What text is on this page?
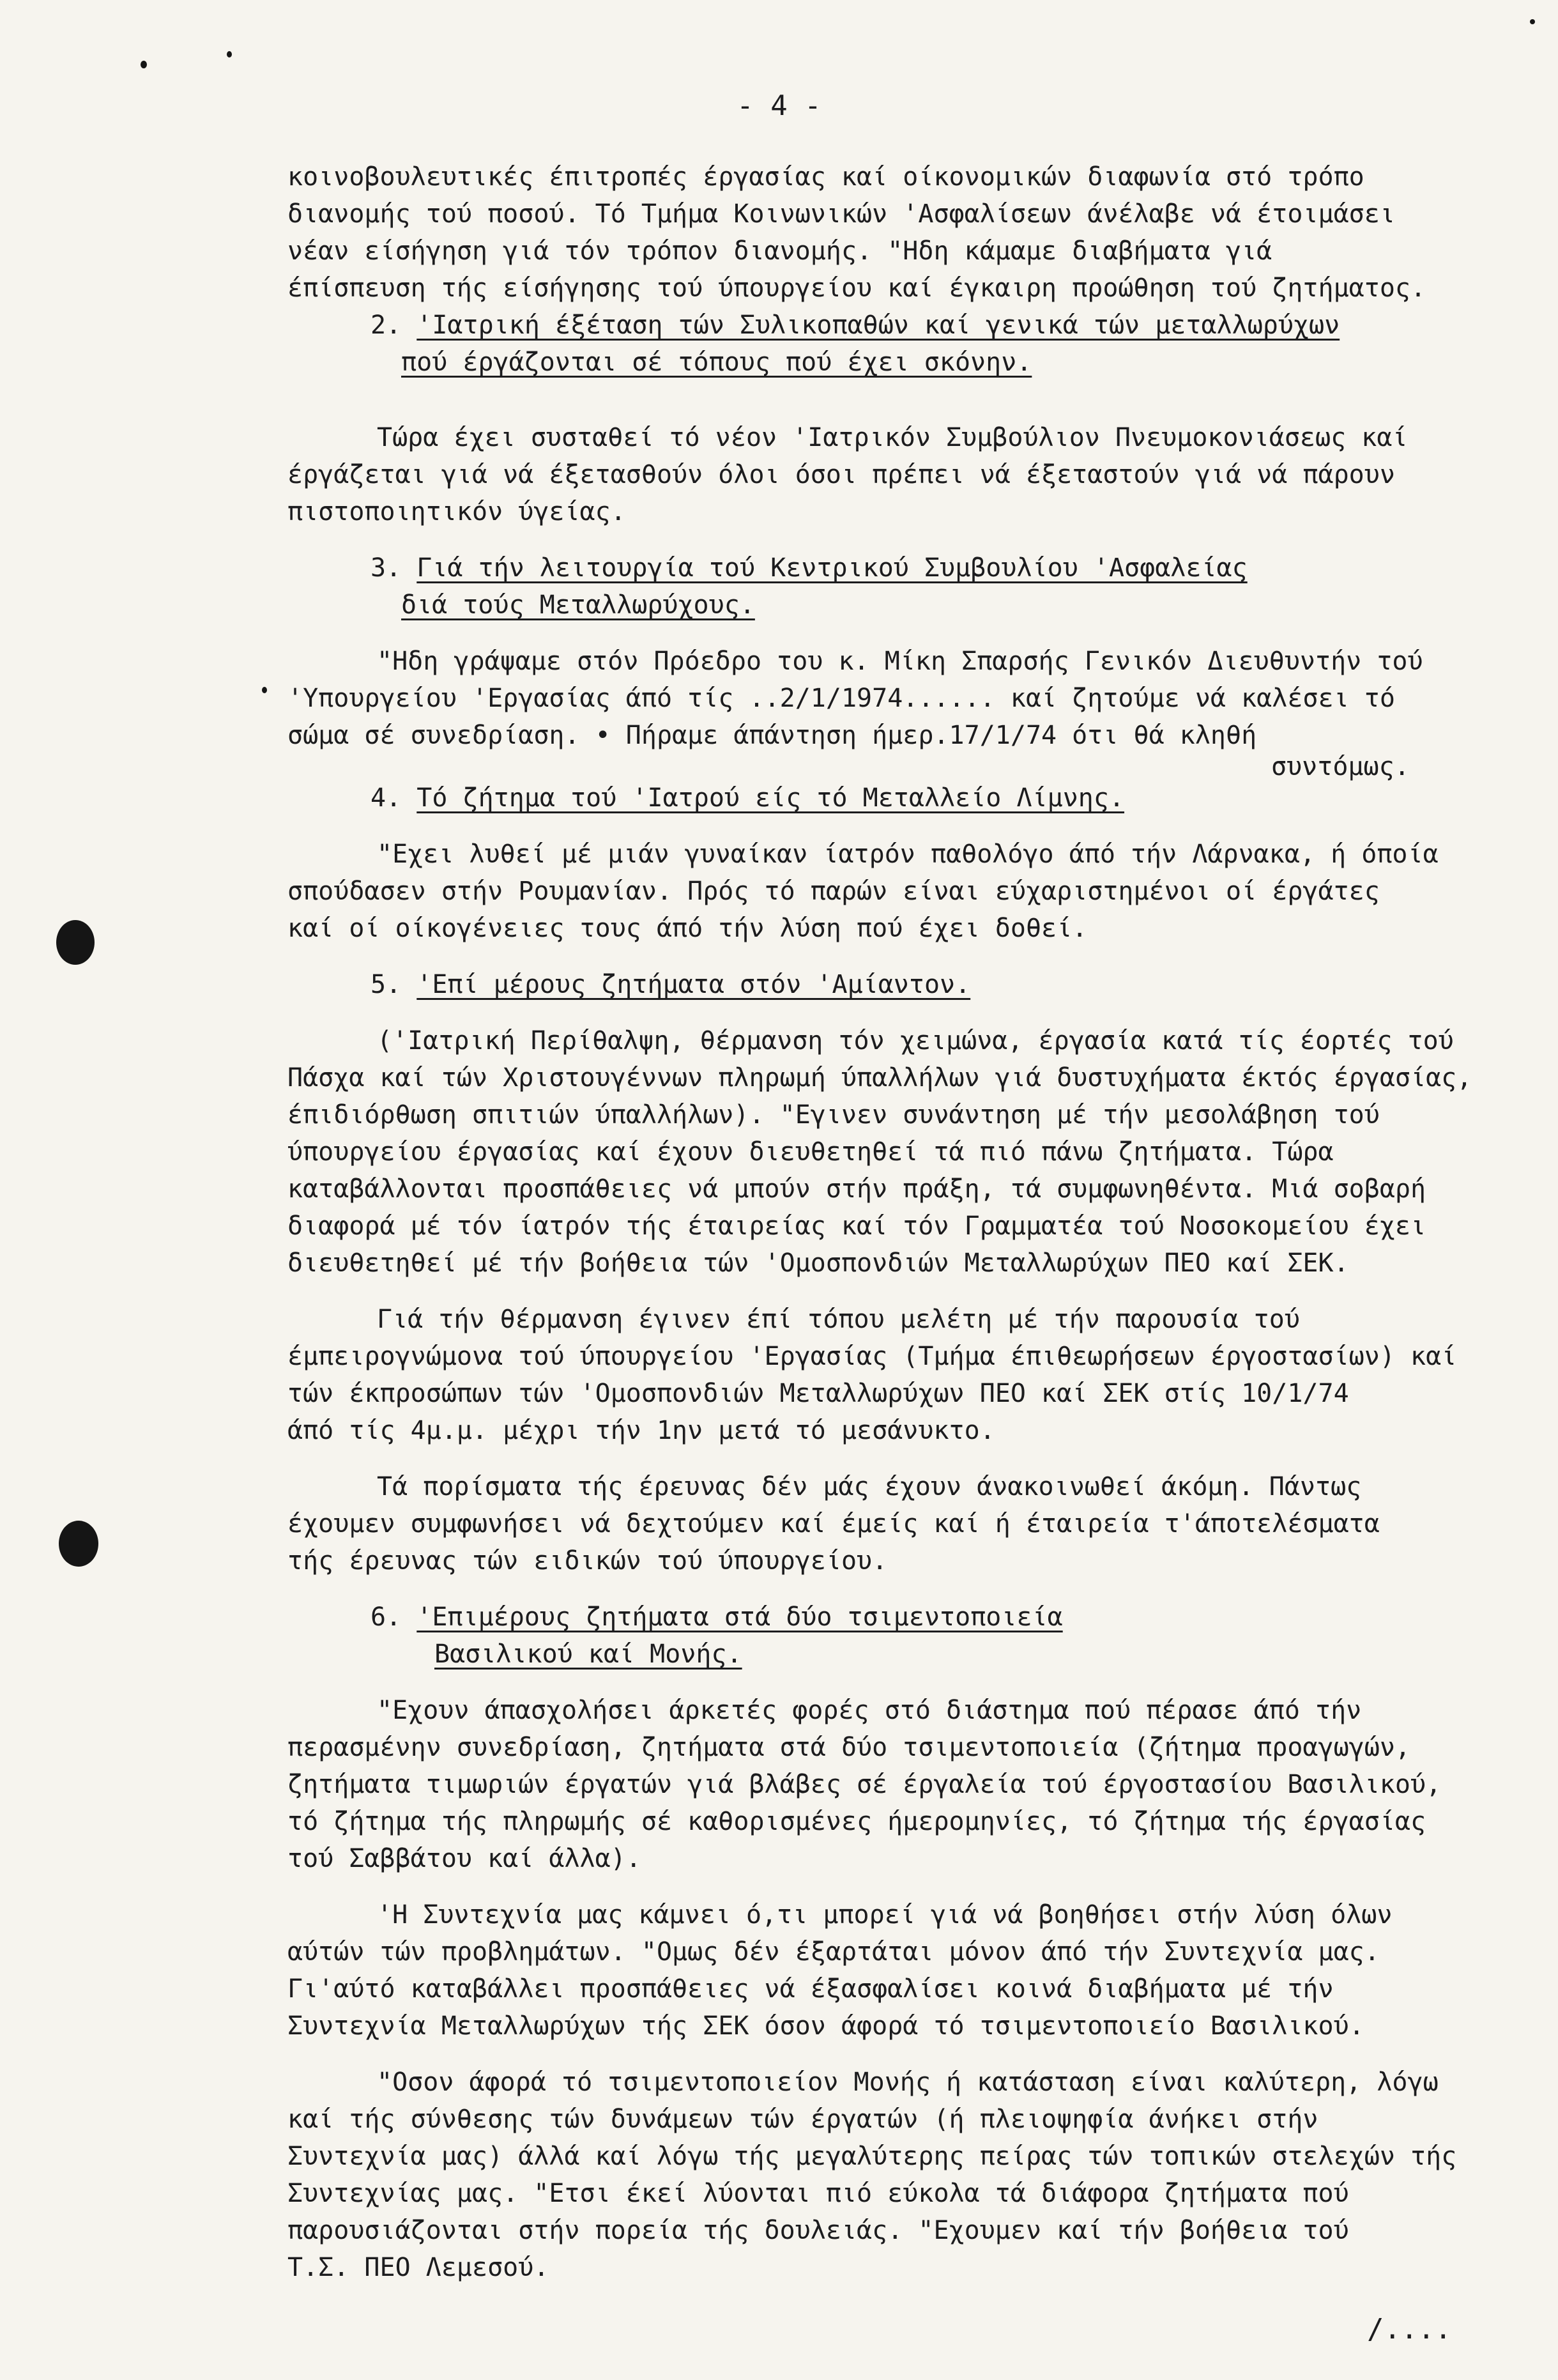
- 4 -
κοινοβουλευτικές έπιτροπές έργασίας καί οίκονομικών διαφωνία στό τρόπο
διανομής τού ποσού. Τό Τμήμα Κοινωνικών 'Ασφαλίσεων άνέλαβε νά έτοιμάσει
νέαν είσήγηση γιά τόν τρόπον διανομής. "Ηδη κάμαμε διαβήματα γιά
έπίσπευση τής είσήγησης τού ύπουργείου καί έγκαιρη προώθηση τού ζητήματος.
2. 'Ιατρική έξέταση τών Συλικοπαθών καί γενικά τών μεταλλωρύχων
πού έργάζονται σέ τόπους πού έχει σκόνην.
Τώρα έχει συσταθεί τό νέον 'Ιατρικόν Συμβούλιον Πνευμοκονιάσεως καί
έργάζεται γιά νά έξετασθούν όλοι όσοι πρέπει νά έξεταστούν γιά νά πάρουν
πιστοποιητικόν ύγείας.
3. Γιά τήν λειτουργία τού Κεντρικού Συμβουλίου 'Ασφαλείας
διά τούς Μεταλλωρύχους.
"Ηδη γράψαμε στόν Πρόεδρο του κ. Μίκη Σπαρσής Γενικόν Διευθυντήν τού
'Υπουργείου 'Εργασίας άπό τίς ..2/1/1974...... καί ζητούμε νά καλέσει τό
σώμα σέ συνεδρίαση. • Πήραμε άπάντηση ήμερ.17/1/74 ότι θά κληθή
συντόμως.
4. Τό ζήτημα τού 'Ιατρού είς τό Μεταλλείο Λίμνης.
"Εχει λυθεί μέ μιάν γυναίκαν ίατρόν παθολόγο άπό τήν Λάρνακα, ή όποία
σπούδασεν στήν Ρουμανίαν. Πρός τό παρών είναι εύχαριστημένοι οί έργάτες
καί οί οίκογένειες τους άπό τήν λύση πού έχει δοθεί.
5. 'Επί μέρους ζητήματα στόν 'Αμίαντον.
('Ιατρική Περίθαλψη, θέρμανση τόν χειμώνα, έργασία κατά τίς έορτές τού
Πάσχα καί τών Χριστουγέννων πληρωμή ύπαλλήλων γιά δυστυχήματα έκτός έργασίας,
έπιδιόρθωση σπιτιών ύπαλλήλων). "Εγινεν συνάντηση μέ τήν μεσολάβηση τού
ύπουργείου έργασίας καί έχουν διευθετηθεί τά πιό πάνω ζητήματα. Τώρα
καταβάλλονται προσπάθειες νά μπούν στήν πράξη, τά συμφωνηθέντα. Μιά σοβαρή
διαφορά μέ τόν ίατρόν τής έταιρείας καί τόν Γραμματέα τού Νοσοκομείου έχει
διευθετηθεί μέ τήν βοήθεια τών 'Ομοσπονδιών Μεταλλωρύχων ΠΕΟ καί ΣΕΚ.
Γιά τήν θέρμανση έγινεν έπί τόπου μελέτη μέ τήν παρουσία τού
έμπειρογνώμονα τού ύπουργείου 'Εργασίας (Τμήμα έπιθεωρήσεων έργοστασίων) καί
τών έκπροσώπων τών 'Ομοσπονδιών Μεταλλωρύχων ΠΕΟ καί ΣΕΚ στίς 10/1/74
άπό τίς 4μ.μ. μέχρι τήν 1ην μετά τό μεσάνυκτο.
Τά πορίσματα τής έρευνας δέν μάς έχουν άνακοινωθεί άκόμη. Πάντως
έχουμεν συμφωνήσει νά δεχτούμεν καί έμείς καί ή έταιρεία τ'άποτελέσματα
τής έρευνας τών ειδικών τού ύπουργείου.
6. 'Επιμέρους ζητήματα στά δύο τσιμεντοποιεία
Βασιλικού καί Μονής.
"Εχουν άπασχολήσει άρκετές φορές στό διάστημα πού πέρασε άπό τήν
περασμένην συνεδρίαση, ζητήματα στά δύο τσιμεντοποιεία (ζήτημα προαγωγών,
ζητήματα τιμωριών έργατών γιά βλάβες σέ έργαλεία τού έργοστασίου Βασιλικού,
τό ζήτημα τής πληρωμής σέ καθορισμένες ήμερομηνίες, τό ζήτημα τής έργασίας
τού Σαββάτου καί άλλα).
'Η Συντεχνία μας κάμνει ό,τι μπορεί γιά νά βοηθήσει στήν λύση όλων
αύτών τών προβλημάτων. "Ομως δέν έξαρτάται μόνον άπό τήν Συντεχνία μας.
Γι'αύτό καταβάλλει προσπάθειες νά έξασφαλίσει κοινά διαβήματα μέ τήν
Συντεχνία Μεταλλωρύχων τής ΣΕΚ όσον άφορά τό τσιμεντοποιείο Βασιλικού.
"Οσον άφορά τό τσιμεντοποιείον Μονής ή κατάσταση είναι καλύτερη, λόγω
καί τής σύνθεσης τών δυνάμεων τών έργατών (ή πλειοψηφία άνήκει στήν
Συντεχνία μας) άλλά καί λόγω τής μεγαλύτερης πείρας τών τοπικών στελεχών τής
Συντεχνίας μας. "Ετσι έκεί λύονται πιό εύκολα τά διάφορα ζητήματα πού
παρουσιάζονται στήν πορεία τής δουλειάς. "Εχουμεν καί τήν βοήθεια τού
Τ.Σ. ΠΕΟ Λεμεσού.
/....
